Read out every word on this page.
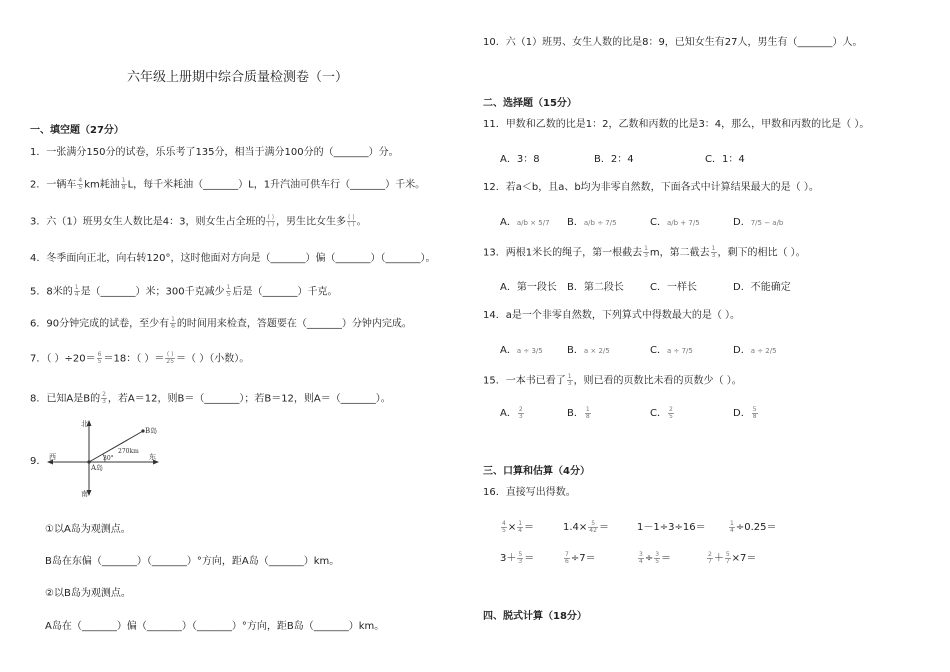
六年级上册期中综合质量检测卷（一）
一、填空题（27分）
1．一张满分150分的试卷，乐乐考了135分，相当于满分100分的（_______）分。
2．一辆车 $\frac{4}{5}$ km耗油 $\frac{1}{8}$ L，每千米耗油（_______）L，1升汽油可供车行（_______）千米。
3．六（1）班男女生人数比是4：3，则女生占全班的 ( )
( ) ，男生比女生多 ( )
( ) 。
4．冬季面向正北，向右转120°，这时他面对方向是（_______）偏（_______）（_______）。
5．8米的 $\frac{1}{4}$ 是（_______）米；300千克减少 $\frac{1}{5}$ 后是（_______）千克。
6．90分钟完成的试卷，至少有 $\frac{1}{6}$ 的时间用来检查，答题要在（_______）分钟内完成。
7．（ ）$\div 20= \frac{6}{5} =18$：（ ）＝ ( )
25 ＝（ ）（小数）。
8．已知A是B的 $\frac{2}{3}$ ，若A＝12，则B＝（_______）；若B＝12，则A＝（_______）。
9．
北
南
西	东
B岛
A岛
30°
270km
①以A岛为观测点。
B岛在东偏（_______）（_______）°方向，距A岛（_______）km。
②以B岛为观测点。
A岛在（_______）偏（_______）（_______）°方向，距B岛（_______）km。
10．六（1）班男、女生人数的比是8：9，已知女生有27人，男生有（_______）人。
二、选择题（15分）
11．甲数和乙数的比是1：2，乙数和丙数的比是3：4，那么，甲数和丙数的比是（ ）。
A．3：8	B．2：4	C．1：4
12．若a＜b，且a、b均为非零自然数，下面各式中计算结果最大的是（ ）。
A．a/b × 5/7 B．a/b ÷ 7/5	C．a/b + 7/5	D．7/5 − a/b
13．两根1米长的绳子，第一根截去 $\frac{1}{3}$ m，第二截去 $\frac{1}{3}$ ，剩下的相比（ ）。
A．第一段长 B．第二段长	C．一样长	D．不能确定
14．a是一个非零自然数，下列算式中得数最大的是（ ）。
A．a ÷ 3/5 B．a × 2/5	C．a ÷ 7/5	D．a ÷ 2/5
15．一本书已看了 $\frac{1}{3}$ ，则已看的页数比未看的页数少（ ）。
A． $\frac{2}{3}$	B． $\frac{1}{8}$	C． $\frac{2}{5}$	D． $\frac{5}{8}$
三、口算和估算（4分）
16．直接写出得数。
$\frac{4}{5} \times \frac{1}{4}$ ＝	$1.4\times \frac{5}{42}$ ＝	1－1÷3÷16＝	$\frac{1}{4} \div 0.25=$
$3+ \frac{5}{3}$ ＝	$\frac{7}{6} \div 7=$	$\frac{3}{4} \div \frac{3}{5}$ ＝	$\frac{2}{7} + \frac{5}{7} \times 7=$
四、脱式计算（18分）
